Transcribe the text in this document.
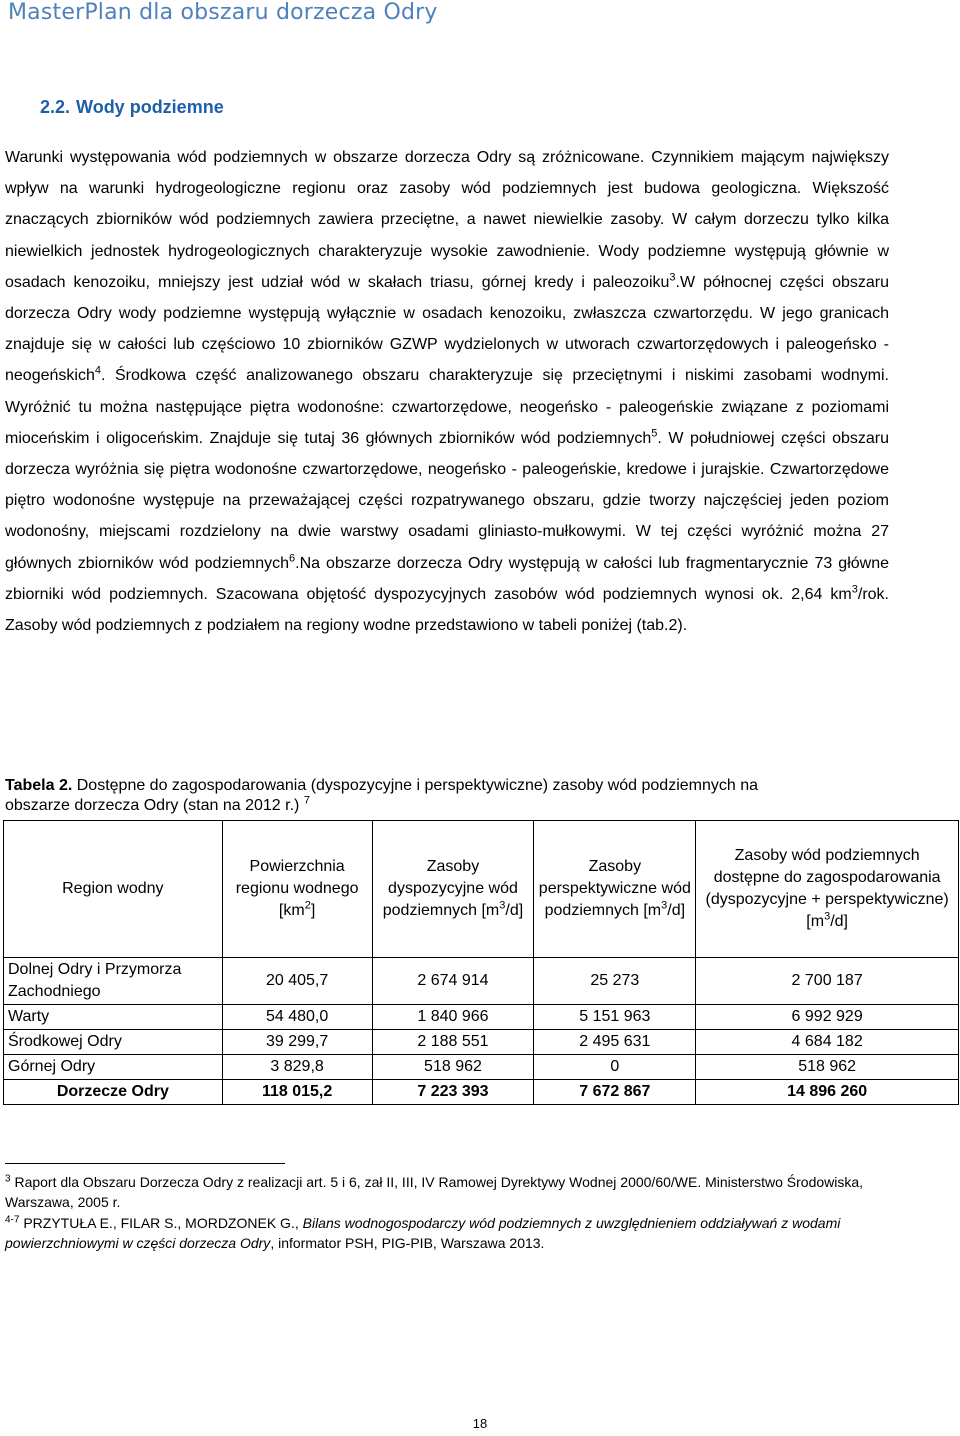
MasterPlan dla obszaru dorzecza Odry
2.2. Wody podziemne
Warunki występowania wód podziemnych w obszarze dorzecza Odry są zróżnicowane. Czynnikiem mającym największy wpływ na warunki hydrogeologiczne regionu oraz zasoby wód podziemnych jest budowa geologiczna. Większość znaczących zbiorników wód podziemnych zawiera przeciętne, a nawet niewielkie zasoby. W całym dorzeczu tylko kilka niewielkich jednostek hydrogeologicznych charakteryzuje wysokie zawodnienie. Wody podziemne występują głównie w osadach kenozoiku, mniejszy jest udział wód w skałach triasu, górnej kredy i paleozoiku$^3$.W północnej części obszaru dorzecza Odry wody podziemne występują wyłącznie w osadach kenozoiku, zwłaszcza czwartorzędu. W jego granicach znajduje się w całości lub częściowo 10 zbiorników GZWP wydzielonych w utworach czwartorzędowych i paleogeńsko - neogeńskich$^4$. Środkowa część analizowanego obszaru charakteryzuje się przeciętnymi i niskimi zasobami wodnymi. Wyróżnić tu można następujące piętra wodonośne: czwartorzędowe, neogeńsko - paleogeńskie związane z poziomami mioceńskim i oligoceńskim. Znajduje się tutaj 36 głównych zbiorników wód podziemnych$^5$. W południowej części obszaru dorzecza wyróżnia się piętra wodonośne czwartorzędowe, neogeńsko - paleogeńskie, kredowe i jurajskie. Czwartorzędowe piętro wodonośne występuje na przeważającej części rozpatrywanego obszaru, gdzie tworzy najczęściej jeden poziom wodonośny, miejscami rozdzielony na dwie warstwy osadami gliniasto-mułkowymi. W tej części wyróżnić można 27 głównych zbiorników wód podziemnych$^6$.Na obszarze dorzecza Odry występują w całości lub fragmentarycznie 73 główne zbiorniki wód podziemnych. Szacowana objętość dyspozycyjnych zasobów wód podziemnych wynosi ok. 2,64 $km^3$/rok. Zasoby wód podziemnych z podziałem na regiony wodne przedstawiono w tabeli poniżej (tab.2).
Tabela 2. Dostępne do zagospodarowania (dyspozycyjne i perspektywiczne) zasoby wód podziemnych na obszarze dorzecza Odry (stan na 2012 r.) $^7$
Region wodny	Powierzchnia regionu wodnego $[km^2]$	Zasoby dyspozycyjne wód podziemnych $[m^3/d]$	Zasoby perspektywiczne wód podziemnych $[m^3/d]$	Zasoby wód podziemnych dostępne do zagospodarowania (dyspozycyjne + perspektywiczne) $[m^3/d]$
Dolnej Odry i Przymorza Zachodniego	20 405,7	2 674 914	25 273	2 700 187
Warty	54 480,0	1 840 966	5 151 963	6 992 929
Środkowej Odry	39 299,7	2 188 551	2 495 631	4 684 182
Górnej Odry	3 829,8	518 962	0	518 962
Dorzecze Odry	118 015,2	7 223 393	7 672 867	14 896 260
$^3$ Raport dla Obszaru Dorzecza Odry z realizacji art. 5 i 6, zał II, III, IV Ramowej Dyrektywy Wodnej 2000/60/WE. Ministerstwo Środowiska, Warszawa, 2005 r.
$^{4-7}$ PRZYTUŁA E., FILAR S., MORDZONEK G., Bilans wodnogospodarczy wód podziemnych z uwzględnieniem oddziaływań z wodami powierzchniowymi w części dorzecza Odry, informator PSH, PIG-PIB, Warszawa 2013.
18
